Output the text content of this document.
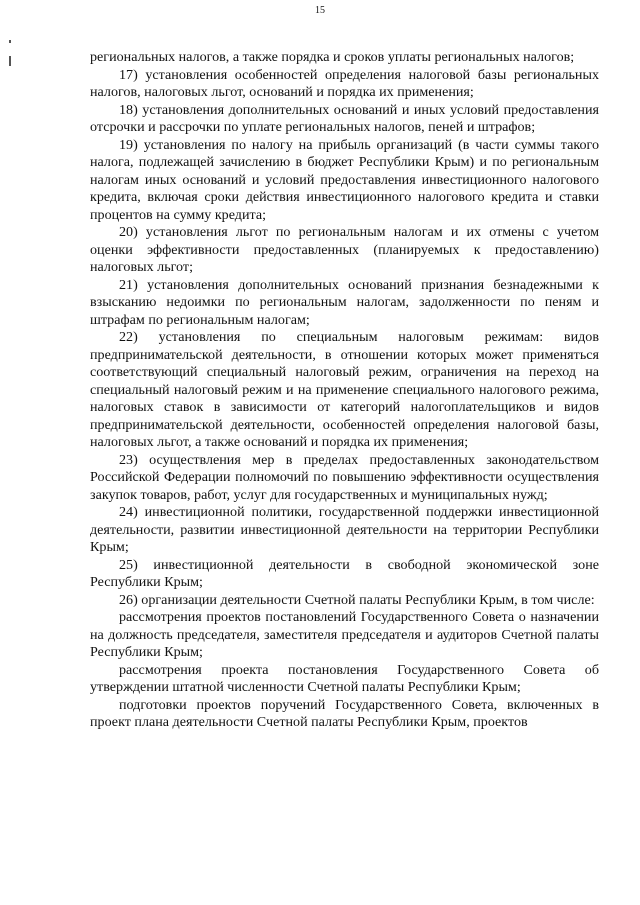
15

региональных налогов, а также порядка и сроков уплаты региональных налогов;

17) установления особенностей определения налоговой базы региональных налогов, налоговых льгот, оснований и порядка их применения;

18) установления дополнительных оснований и иных условий предоставления отсрочки и рассрочки по уплате региональных налогов, пеней и штрафов;

19) установления по налогу на прибыль организаций (в части суммы такого налога, подлежащей зачислению в бюджет Республики Крым) и по региональным налогам иных оснований и условий предоставления инвестиционного налогового кредита, включая сроки действия инвестиционного налогового кредита и ставки процентов на сумму кредита;

20) установления льгот по региональным налогам и их отмены с учетом оценки эффективности предоставленных (планируемых к предоставлению) налоговых льгот;

21) установления дополнительных оснований признания безнадежными к взысканию недоимки по региональным налогам, задолженности по пеням и штрафам по региональным налогам;

22) установления по специальным налоговым режимам: видов предпринимательской деятельности, в отношении которых может применяться соответствующий специальный налоговый режим, ограничения на переход на специальный налоговый режим и на применение специального налогового режима, налоговых ставок в зависимости от категорий налогоплательщиков и видов предпринимательской деятельности, особенностей определения налоговой базы, налоговых льгот, а также оснований и порядка их применения;

23) осуществления мер в пределах предоставленных законодательством Российской Федерации полномочий по повышению эффективности осуществления закупок товаров, работ, услуг для государственных и муниципальных нужд;

24) инвестиционной политики, государственной поддержки инвестиционной деятельности, развитии инвестиционной деятельности на территории Республики Крым;

25) инвестиционной деятельности в свободной экономической зоне Республики Крым;

26) организации деятельности Счетной палаты Республики Крым, в том числе:

рассмотрения проектов постановлений Государственного Совета о назначении на должность председателя, заместителя председателя и аудиторов Счетной палаты Республики Крым;

рассмотрения проекта постановления Государственного Совета об утверждении штатной численности Счетной палаты Республики Крым;

подготовки проектов поручений Государственного Совета, включенных в проект плана деятельности Счетной палаты Республики Крым, проектов
